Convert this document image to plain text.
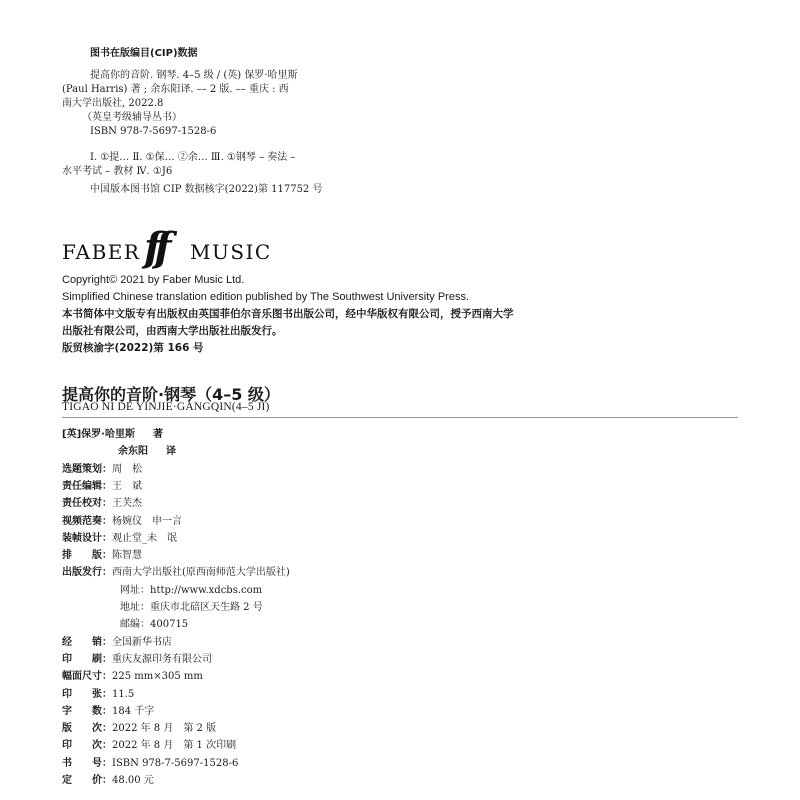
图书在版编目(CIP)数据
提高你的音阶. 钢琴. 4–5 级 / (英) 保罗·哈里斯
(Paul Harris) 著 ; 余东阳译. –– 2 版. –– 重庆 : 西
南大学出版社, 2022.8
（英皇考级辅导丛书）
ISBN 978-7-5697-1528-6
Ⅰ. ①提… Ⅱ. ①保… ②余… Ⅲ. ①钢琴 – 奏法 –
水平考试 – 教材 Ⅳ. ①J6
中国版本图书馆 CIP 数据核字(2022)第 117752 号
FABER ff MUSIC
Copyright© 2021 by Faber Music Ltd.
Simplified Chinese translation edition published by The Southwest University Press.
本书简体中文版专有出版权由英国菲伯尔音乐图书出版公司，经中华版权有限公司，授予西南大学
出版社有限公司，由西南大学出版社出版发行。
版贸核渝字(2022)第 166 号
提高你的音阶·钢琴（4–5 级）
TIGAO NI DE YINJIE·GANGQIN(4–5 JI)
[英]保罗·哈里斯 著
余东阳 译
选题策划：周　松
责任编辑：王　斌
责任校对：王芙杰
视频范奏：杨婉仪　申一言
装帧设计：观止堂_未　氓
排　　版：陈智慧
出版发行：西南大学出版社(原西南师范大学出版社)
网址：http://www.xdcbs.com
地址：重庆市北碚区天生路 2 号
邮编：400715
经　　销：全国新华书店
印　　刷：重庆友源印务有限公司
幅面尺寸：225 mm×305 mm
印　　张：11.5
字　　数：184 千字
版　　次：2022 年 8 月　第 2 版
印　　次：2022 年 8 月　第 1 次印刷
书　　号：ISBN 978-7-5697-1528-6
定　　价：48.00 元
